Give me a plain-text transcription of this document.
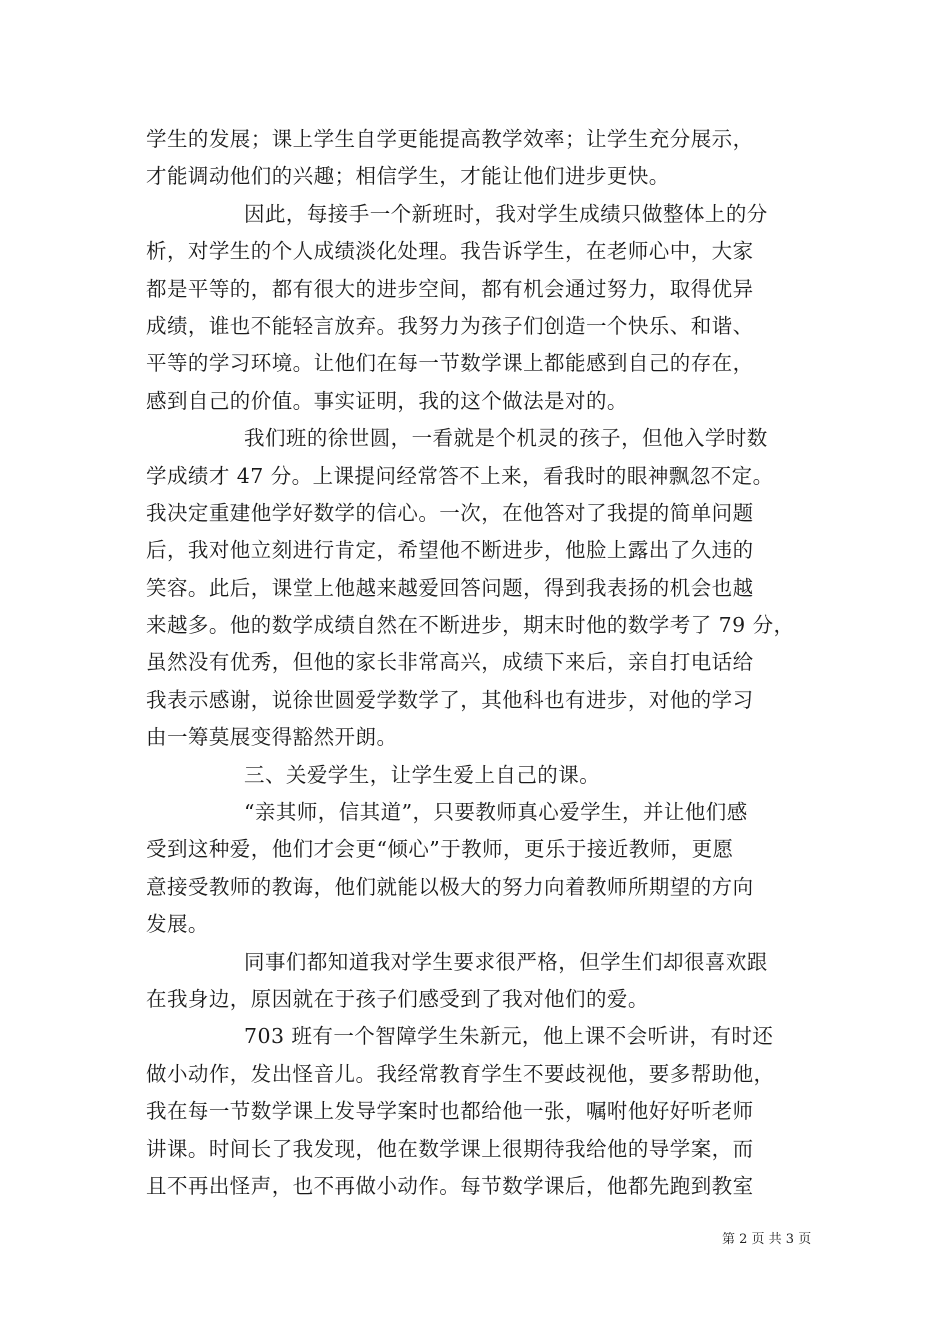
学生的发展；课上学生自学更能提高教学效率；让学生充分展示，
才能调动他们的兴趣；相信学生，才能让他们进步更快。
因此，每接手一个新班时，我对学生成绩只做整体上的分
析，对学生的个人成绩淡化处理。我告诉学生，在老师心中，大家
都是平等的，都有很大的进步空间，都有机会通过努力，取得优异
成绩，谁也不能轻言放弃。我努力为孩子们创造一个快乐、和谐、
平等的学习环境。让他们在每一节数学课上都能感到自己的存在，
感到自己的价值。事实证明，我的这个做法是对的。
我们班的徐世圆，一看就是个机灵的孩子，但他入学时数
学成绩才 47 分。上课提问经常答不上来，看我时的眼神飘忽不定。
我决定重建他学好数学的信心。一次，在他答对了我提的简单问题
后，我对他立刻进行肯定，希望他不断进步，他脸上露出了久违的
笑容。此后，课堂上他越来越爱回答问题，得到我表扬的机会也越
来越多。他的数学成绩自然在不断进步，期末时他的数学考了 79 分，
虽然没有优秀，但他的家长非常高兴，成绩下来后，亲自打电话给
我表示感谢，说徐世圆爱学数学了，其他科也有进步，对他的学习
由一筹莫展变得豁然开朗。
三、关爱学生，让学生爱上自己的课。
“亲其师，信其道”，只要教师真心爱学生，并让他们感
受到这种爱，他们才会更“倾心”于教师，更乐于接近教师，更愿
意接受教师的教诲，他们就能以极大的努力向着教师所期望的方向
发展。
同事们都知道我对学生要求很严格，但学生们却很喜欢跟
在我身边，原因就在于孩子们感受到了我对他们的爱。
703 班有一个智障学生朱新元，他上课不会听讲，有时还
做小动作，发出怪音儿。我经常教育学生不要歧视他，要多帮助他，
我在每一节数学课上发导学案时也都给他一张，嘱咐他好好听老师
讲课。时间长了我发现，他在数学课上很期待我给他的导学案，而
且不再出怪声，也不再做小动作。每节数学课后，他都先跑到教室
第 2 页 共 3 页
